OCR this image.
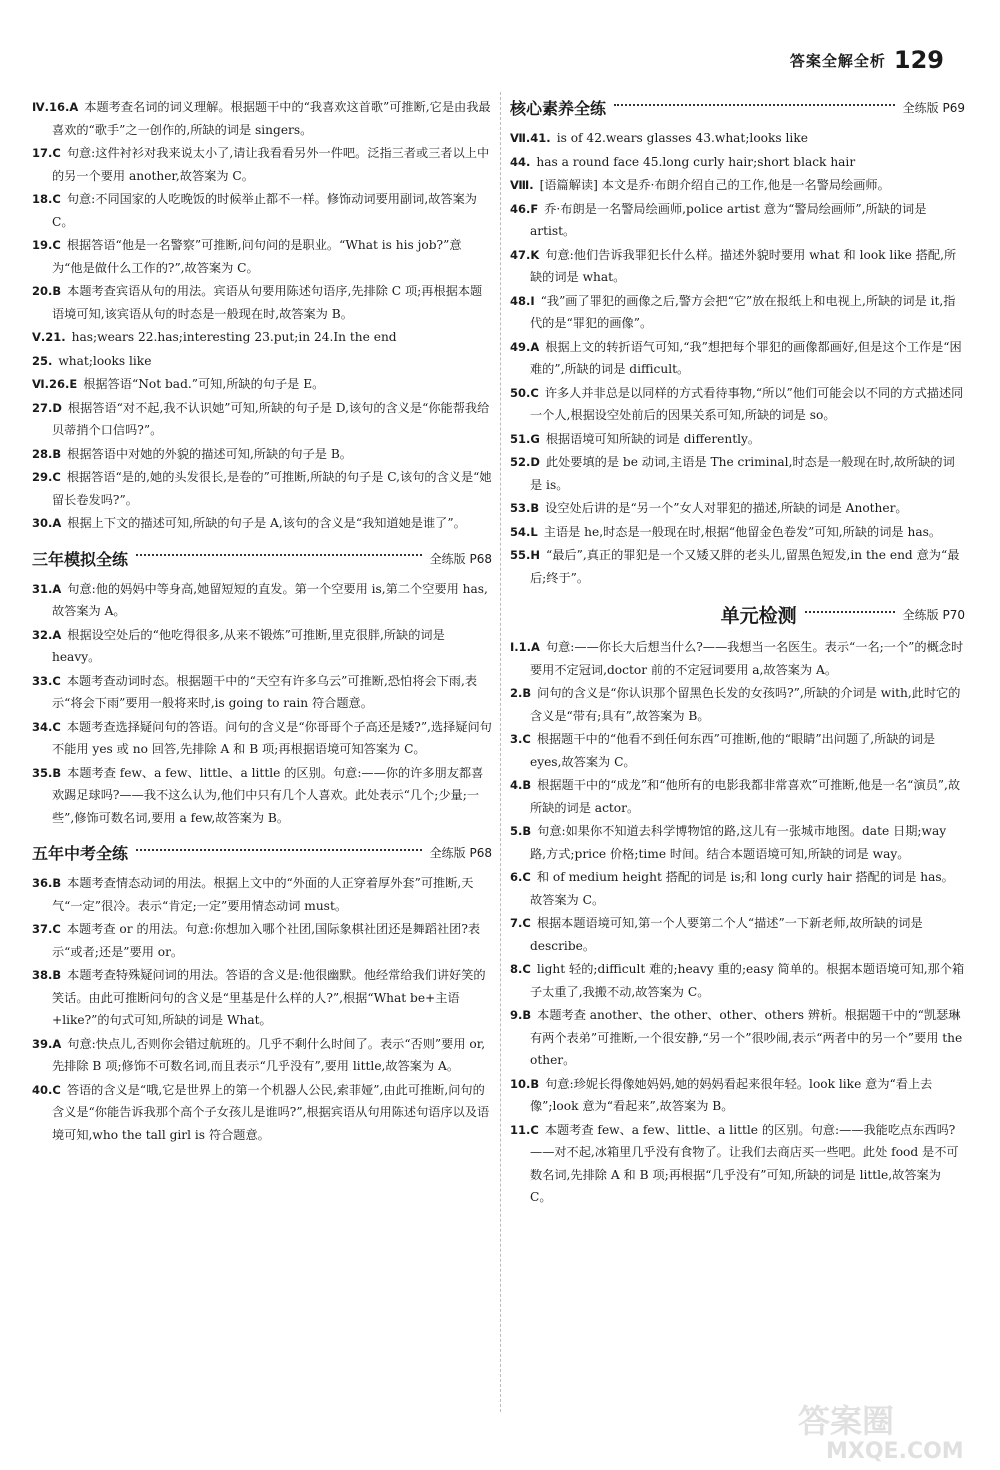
答案全解全析 129
Ⅳ.16.A 本题考查名词的词义理解。根据题干中的“我喜欢这首歌”可推断,它是由我最喜欢的“歌手”之一创作的,所缺的词是 singers。
17.C 句意:这件衬衫对我来说太小了,请让我看看另外一件吧。泛指三者或三者以上中的另一个要用 another,故答案为 C。
18.C 句意:不同国家的人吃晚饭的时候举止都不一样。修饰动词要用副词,故答案为 C。
19.C 根据答语“他是一名警察”可推断,问句问的是职业。“What is his job?”意为“他是做什么工作的?”,故答案为 C。
20.B 本题考查宾语从句的用法。宾语从句要用陈述句语序,先排除 C 项;再根据本题语境可知,该宾语从句的时态是一般现在时,故答案为 B。
Ⅴ.21. has;wears 22.has;interesting 23.put;in 24.In the end
25. what;looks like
Ⅵ.26.E 根据答语“Not bad.”可知,所缺的句子是 E。
27.D 根据答语“对不起,我不认识她”可知,所缺的句子是 D,该句的含义是“你能帮我给贝蒂捎个口信吗?”。
28.B 根据答语中对她的外貌的描述可知,所缺的句子是 B。
29.C 根据答语“是的,她的头发很长,是卷的”可推断,所缺的句子是 C,该句的含义是“她留长卷发吗?”。
30.A 根据上下文的描述可知,所缺的句子是 A,该句的含义是“我知道她是谁了”。
三年模拟全练	全练版 P68
31.A 句意:他的妈妈中等身高,她留短短的直发。第一个空要用 is,第二个空要用 has,故答案为 A。
32.A 根据设空处后的“他吃得很多,从来不锻炼”可推断,里克很胖,所缺的词是 heavy。
33.C 本题考查动词时态。根据题干中的“天空有许多乌云”可推断,恐怕将会下雨,表示“将会下雨”要用一般将来时,is going to rain 符合题意。
34.C 本题考查选择疑问句的答语。问句的含义是“你哥哥个子高还是矮?”,选择疑问句不能用 yes 或 no 回答,先排除 A 和 B 项;再根据语境可知答案为 C。
35.B 本题考查 few、a few、little、a little 的区别。句意:——你的许多朋友都喜欢踢足球吗?——我不这么认为,他们中只有几个人喜欢。此处表示“几个;少量;一些”,修饰可数名词,要用 a few,故答案为 B。
五年中考全练	全练版 P68
36.B 本题考查情态动词的用法。根据上文中的“外面的人正穿着厚外套”可推断,天气“一定”很冷。表示“肯定;一定”要用情态动词 must。
37.C 本题考查 or 的用法。句意:你想加入哪个社团,国际象棋社团还是舞蹈社团?表示“或者;还是”要用 or。
38.B 本题考查特殊疑问词的用法。答语的含义是:他很幽默。他经常给我们讲好笑的笑话。由此可推断问句的含义是“里基是什么样的人?”,根据“What be+主语+like?”的句式可知,所缺的词是 What。
39.A 句意:快点儿,否则你会错过航班的。几乎不剩什么时间了。表示“否则”要用 or,先排除 B 项;修饰不可数名词,而且表示“几乎没有”,要用 little,故答案为 A。
40.C 答语的含义是“哦,它是世界上的第一个机器人公民,索菲娅”,由此可推断,问句的含义是“你能告诉我那个高个子女孩儿是谁吗?”,根据宾语从句用陈述句语序以及语境可知,who the tall girl is 符合题意。
核心素养全练	全练版 P69
Ⅶ.41. is of 42.wears glasses 43.what;looks like
44. has a round face 45.long curly hair;short black hair
Ⅷ. [语篇解读] 本文是乔·布朗介绍自己的工作,他是一名警局绘画师。
46.F 乔·布朗是一名警局绘画师,police artist 意为“警局绘画师”,所缺的词是 artist。
47.K 句意:他们告诉我罪犯长什么样。描述外貌时要用 what 和 look like 搭配,所缺的词是 what。
48.I “我”画了罪犯的画像之后,警方会把“它”放在报纸上和电视上,所缺的词是 it,指代的是“罪犯的画像”。
49.A 根据上文的转折语气可知,“我”想把每个罪犯的画像都画好,但是这个工作是“困难的”,所缺的词是 difficult。
50.C 许多人并非总是以同样的方式看待事物,“所以”他们可能会以不同的方式描述同一个人,根据设空处前后的因果关系可知,所缺的词是 so。
51.G 根据语境可知所缺的词是 differently。
52.D 此处要填的是 be 动词,主语是 The criminal,时态是一般现在时,故所缺的词是 is。
53.B 设空处后讲的是“另一个”女人对罪犯的描述,所缺的词是 Another。
54.L 主语是 he,时态是一般现在时,根据“他留金色卷发”可知,所缺的词是 has。
55.H “最后”,真正的罪犯是一个又矮又胖的老头儿,留黑色短发,in the end 意为“最后;终于”。
单元检测	全练版 P70
Ⅰ.1.A 句意:——你长大后想当什么?——我想当一名医生。表示“一名;一个”的概念时要用不定冠词,doctor 前的不定冠词要用 a,故答案为 A。
2.B 问句的含义是“你认识那个留黑色长发的女孩吗?”,所缺的介词是 with,此时它的含义是“带有;具有”,故答案为 B。
3.C 根据题干中的“他看不到任何东西”可推断,他的“眼睛”出问题了,所缺的词是 eyes,故答案为 C。
4.B 根据题干中的“成龙”和“他所有的电影我都非常喜欢”可推断,他是一名“演员”,故所缺的词是 actor。
5.B 句意:如果你不知道去科学博物馆的路,这儿有一张城市地图。date 日期;way 路,方式;price 价格;time 时间。结合本题语境可知,所缺的词是 way。
6.C 和 of medium height 搭配的词是 is;和 long curly hair 搭配的词是 has。故答案为 C。
7.C 根据本题语境可知,第一个人要第二个人“描述”一下新老师,故所缺的词是 describe。
8.C light 轻的;difficult 难的;heavy 重的;easy 简单的。根据本题语境可知,那个箱子太重了,我搬不动,故答案为 C。
9.B 本题考查 another、the other、other、others 辨析。根据题干中的“凯瑟琳有两个表弟”可推断,一个很安静,“另一个”很吵闹,表示“两者中的另一个”要用 the other。
10.B 句意:珍妮长得像她妈妈,她的妈妈看起来很年轻。look like 意为“看上去像”;look 意为“看起来”,故答案为 B。
11.C 本题考查 few、a few、little、a little 的区别。句意:——我能吃点东西吗?——对不起,冰箱里几乎没有食物了。让我们去商店买一些吧。此处 food 是不可数名词,先排除 A 和 B 项;再根据“几乎没有”可知,所缺的词是 little,故答案为 C。
答案圈
MXQE.COM
